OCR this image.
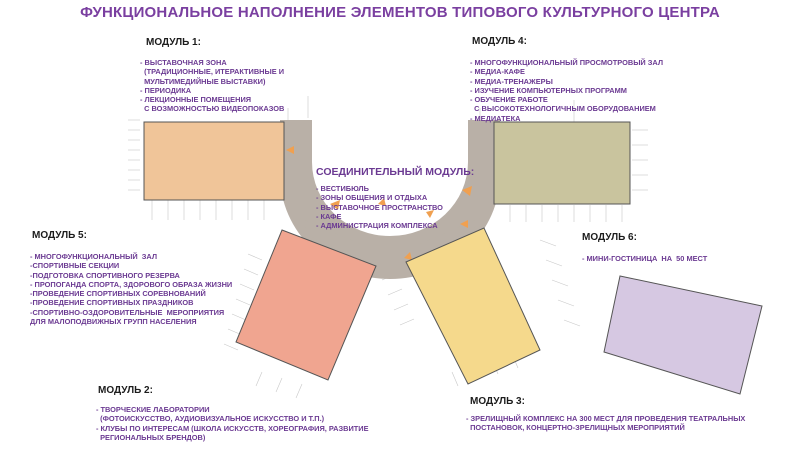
ФУНКЦИОНАЛЬНОЕ НАПОЛНЕНИЕ ЭЛЕМЕНТОВ ТИПОВОГО КУЛЬТУРНОГО ЦЕНТРА
МОДУЛЬ 1:
- ВЫСТАВОЧНАЯ ЗОНА
(ТРАДИЦИОННЫЕ, ИТЕРАКТИВНЫЕ И
МУЛЬТИМЕДИЙНЫЕ ВЫСТАВКИ)
- ПЕРИОДИКА
- ЛЕКЦИОННЫЕ ПОМЕЩЕНИЯ
С ВОЗМОЖНОСТЬЮ ВИДЕОПОКАЗОВ
МОДУЛЬ 4:
- МНОГОФУНКЦИОНАЛЬНЫЙ ПРОСМОТРОВЫЙ ЗАЛ
- МЕДИА-КАФЕ
- МЕДИА-ТРЕНАЖЕРЫ
- ИЗУЧЕНИЕ КОМПЬЮТЕРНЫХ ПРОГРАММ
- ОБУЧЕНИЕ РАБОТЕ
С ВЫСОКОТЕХНОЛОГИЧНЫМ ОБОРУДОВАНИЕМ
- МЕДИАТЕКА
СОЕДИНИТЕЛЬНЫЙ МОДУЛЬ:
- ВЕСТИБЮЛЬ
- ЗОНЫ ОБЩЕНИЯ И ОТДЫХА
- ВЫСТАВОЧНОЕ ПРОСТРАНСТВО
- КАФЕ
- АДМИНИСТРАЦИЯ КОМПЛЕКСА
МОДУЛЬ 5:
- МНОГОФУНКЦИОНАЛЬНЫЙ  ЗАЛ
-СПОРТИВНЫЕ СЕКЦИИ
-ПОДГОТОВКА СПОРТИВНОГО РЕЗЕРВА
- ПРОПОГАНДА СПОРТА, ЗДОРОВОГО ОБРАЗА ЖИЗНИ
-ПРОВЕДЕНИЕ СПОРТИВНЫХ СОРЕВНОВАНИЙ
-ПРОВЕДЕНИЕ СПОРТИВНЫХ ПРАЗДНИКОВ
-СПОРТИВНО-ОЗДОРОВИТЕЛЬНЫЕ  МЕРОПРИЯТИЯ
ДЛЯ МАЛОПОДВИЖНЫХ ГРУПП НАСЕЛЕНИЯ
МОДУЛЬ 6:
- МИНИ-ГОСТИНИЦА  НА  50 МЕСТ
МОДУЛЬ 2:
- ТВОРЧЕСКИЕ ЛАБОРАТОРИИ
(ФОТОИСКУССТВО, АУДИОВИЗУАЛЬНОЕ ИСКУССТВО И Т.П.)
- КЛУБЫ ПО ИНТЕРЕСАМ (ШКОЛА ИСКУССТВ, ХОРЕОГРАФИЯ, РАЗВИТИЕ
РЕГИОНАЛЬНЫХ БРЕНДОВ)
МОДУЛЬ 3:
- ЗРЕЛИЩНЫЙ КОМПЛЕКС НА 300 МЕСТ ДЛЯ ПРОВЕДЕНИЯ ТЕАТРАЛЬНЫХ
ПОСТАНОВОК, КОНЦЕРТНО-ЗРЕЛИЩНЫХ МЕРОПРИЯТИЙ
